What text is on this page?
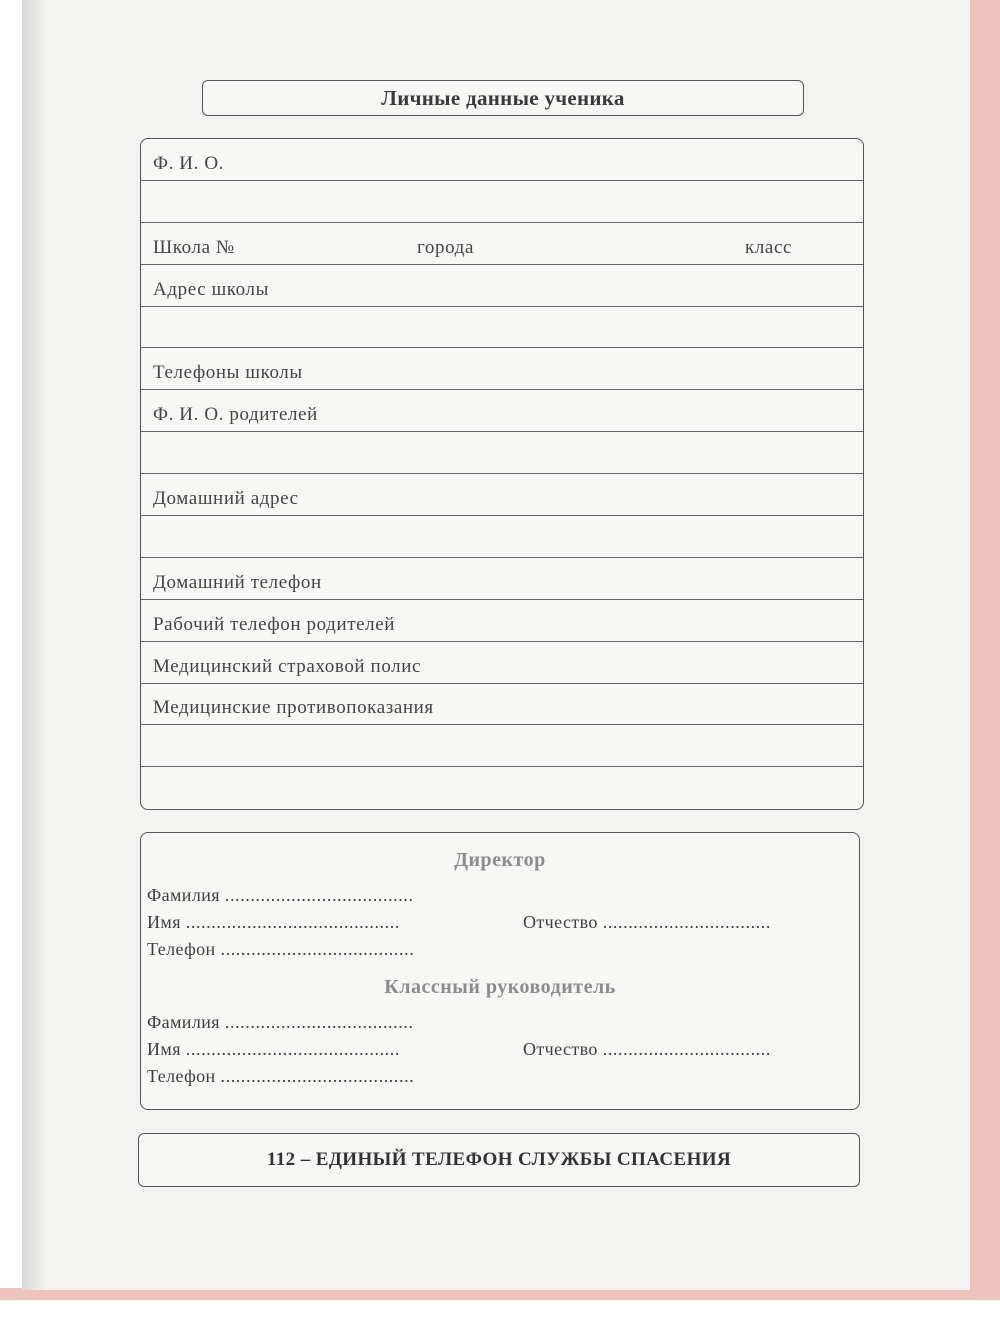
Личные данные ученика
Ф. И. О.
Школа №	города	класс
Адрес школы
Телефоны школы
Ф. И. О. родителей
Домашний адрес
Домашний телефон
Рабочий телефон родителей
Медицинский страховой полис
Медицинские противопоказания
Директор
Фамилия .....................................
Имя ..........................................	Отчество .................................
Телефон ......................................
Классный руководитель
Фамилия .....................................
Имя ..........................................	Отчество .................................
Телефон ......................................
112 – ЕДИНЫЙ ТЕЛЕФОН СЛУЖБЫ СПАСЕНИЯ
